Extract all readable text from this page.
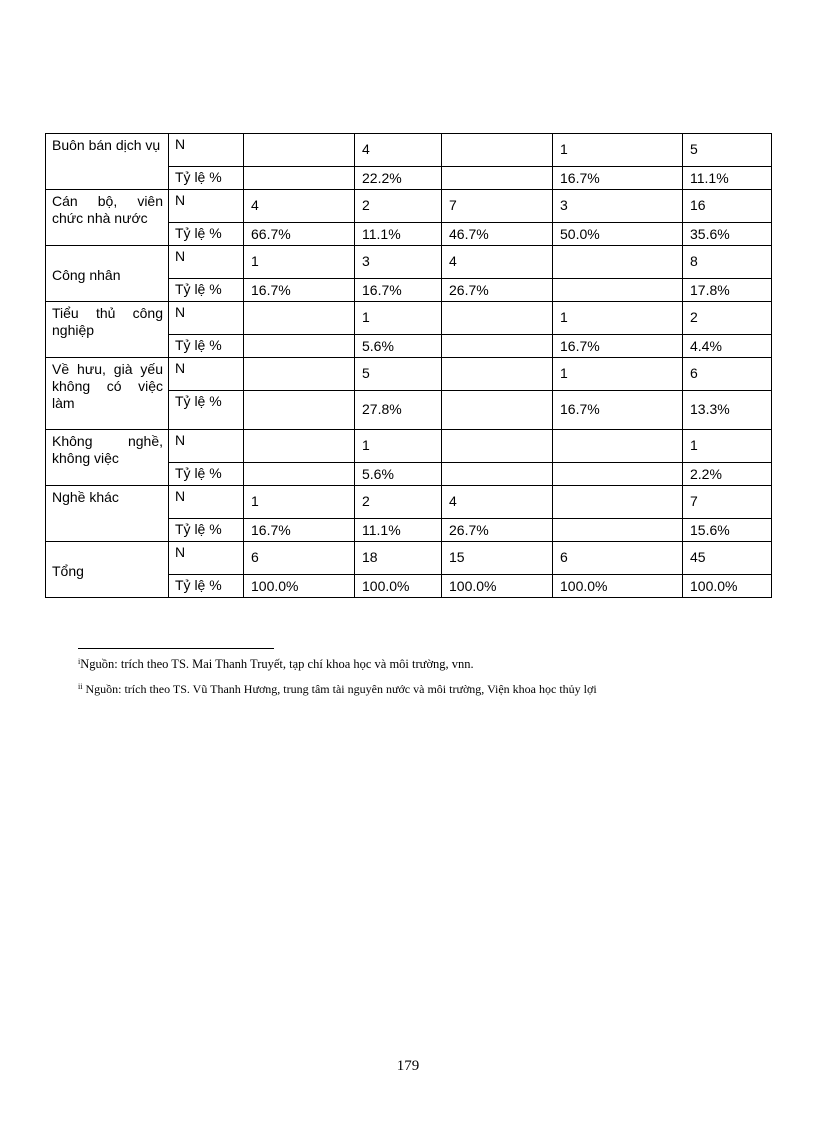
Buôn bán dịch vụ	N		4		1	5
	Tỷ lệ %		22.2%		16.7%	11.1%
Cán bộ, viên chức nhà nước	N	4	2	7	3	16
	Tỷ lệ %	66.7%	11.1%	46.7%	50.0%	35.6%
Công nhân	N	1	3	4		8
	Tỷ lệ %	16.7%	16.7%	26.7%		17.8%
Tiểu thủ công nghiệp	N		1		1	2
	Tỷ lệ %		5.6%		16.7%	4.4%
Về hưu, già yếu không có việc làm	N		5		1	6
	Tỷ lệ %		27.8%		16.7%	13.3%
Không nghề, không việc	N		1			1
	Tỷ lệ %		5.6%			2.2%
Nghề khác	N	1	2	4		7
	Tỷ lệ %	16.7%	11.1%	26.7%		15.6%
Tổng	N	6	18	15	6	45
	Tỷ lệ %	100.0%	100.0%	100.0%	100.0%	100.0%
$^i$Nguồn: trích theo TS. Mai Thanh Truyết, tạp chí khoa học và môi trường, vnn.
$^{ii}$ Nguồn: trích theo TS. Vũ Thanh Hương, trung tâm tài nguyên nước và môi trường, Viện khoa học thủy lợi
179
